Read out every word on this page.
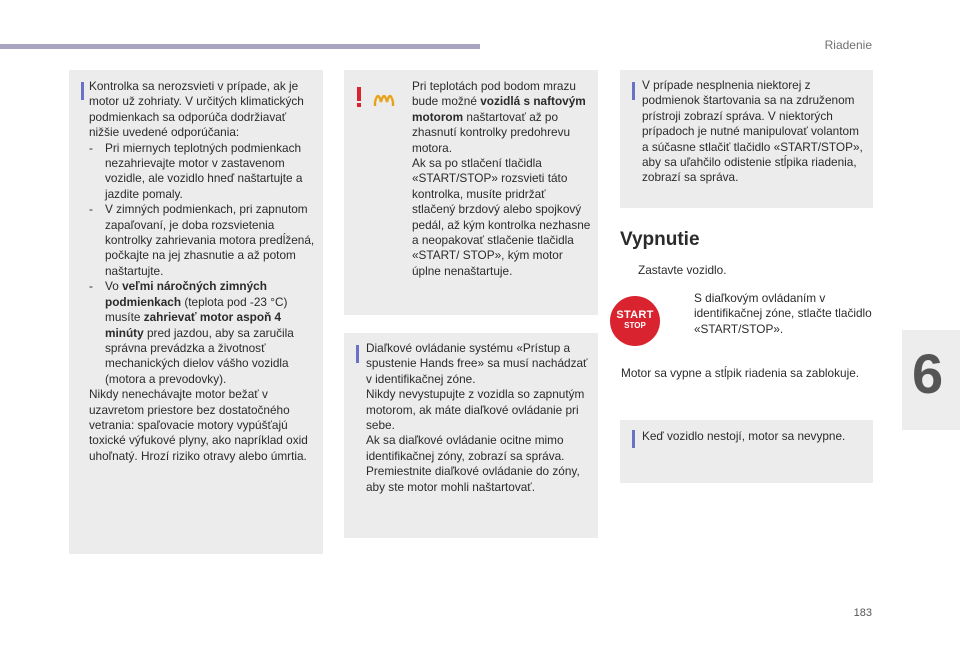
Riadenie
6
183

Kontrolka sa nerozsvieti v prípade, ak je motor už zohriaty. V určitých klimatických podmienkach sa odporúča dodržiavať nižšie uvedené odporúčania:

- Pri miernych teplotných podmienkach nezahrievajte motor v zastavenom vozidle, ale vozidlo hneď naštartujte a jazdite pomaly.
- V zimných podmienkach, pri zapnutom zapaľovaní, je doba rozsvietenia kontrolky zahrievania motora predĺžená, počkajte na jej zhasnutie a až potom naštartujte.
- Vo veľmi náročných zimných podmienkach (teplota pod -23 °C) musíte zahrievať motor aspoň 4 minúty pred jazdou, aby sa zaručila správna prevádzka a životnosť mechanických dielov vášho vozidla (motora a prevodovky).

Nikdy nenechávajte motor bežať v uzavretom priestore bez dostatočného vetrania: spaľovacie motory vypúšťajú toxické výfukové plyny, ako napríklad oxid uhoľnatý. Hrozí riziko otravy alebo úmrtia.

Pri teplotách pod bodom mrazu bude možné vozidlá s naftovým motorom naštartovať až po zhasnutí kontrolky predohrevu motora.

Ak sa po stlačení tlačidla «START/STOP» rozsvieti táto kontrolka, musíte pridržať stlačený brzdový alebo spojkový pedál, až kým kontrolka nezhasne a neopakovať stlačenie tlačidla «START/ STOP», kým motor úplne nenaštartuje.

Diaľkové ovládanie systému «Prístup a spustenie Hands free» sa musí nachádzať v identifikačnej zóne.

Nikdy nevystupujte z vozidla so zapnutým motorom, ak máte diaľkové ovládanie pri sebe.

Ak sa diaľkové ovládanie ocitne mimo identifikačnej zóny, zobrazí sa správa. Premiestnite diaľkové ovládanie do zóny, aby ste motor mohli naštartovať.

V prípade nesplnenia niektorej z podmienok štartovania sa na združenom prístroji zobrazí správa. V niektorých prípadoch je nutné manipulovať volantom a súčasne stlačiť tlačidlo «START/STOP», aby sa uľahčilo odistenie stĺpika riadenia, zobrazí sa správa.

Vypnutie
Zastavte vozidlo.
START
STOP
S diaľkovým ovládaním v identifikačnej zóne, stlačte tlačidlo «START/STOP».
Motor sa vypne a stĺpik riadenia sa zablokuje.
Keď vozidlo nestojí, motor sa nevypne.
